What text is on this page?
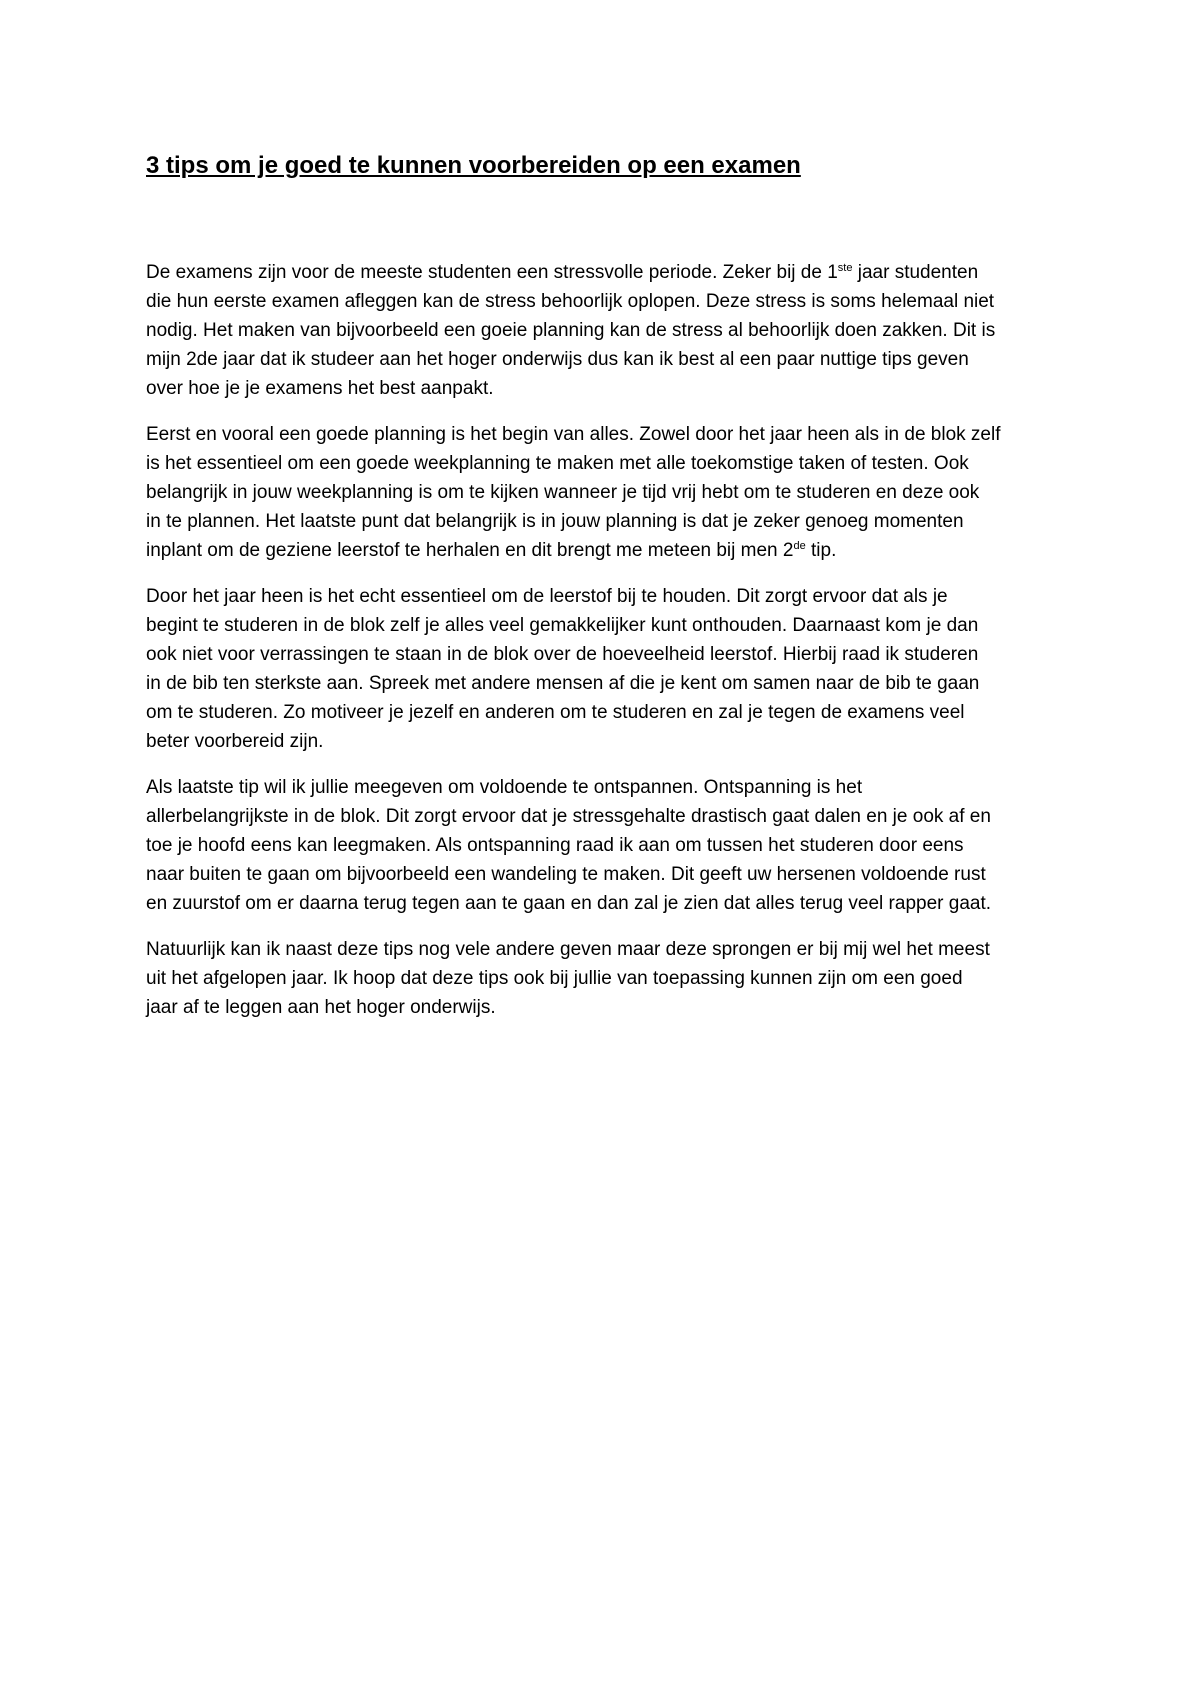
3 tips om je goed te kunnen voorbereiden op een examen

De examens zijn voor de meeste studenten een stressvolle periode. Zeker bij de 1ste jaar studenten
die hun eerste examen afleggen kan de stress behoorlijk oplopen. Deze stress is soms helemaal niet
nodig. Het maken van bijvoorbeeld een goeie planning kan de stress al behoorlijk doen zakken. Dit is
mijn 2de jaar dat ik studeer aan het hoger onderwijs dus kan ik best al een paar nuttige tips geven
over hoe je je examens het best aanpakt.

Eerst en vooral een goede planning is het begin van alles. Zowel door het jaar heen als in de blok zelf
is het essentieel om een goede weekplanning te maken met alle toekomstige taken of testen. Ook
belangrijk in jouw weekplanning is om te kijken wanneer je tijd vrij hebt om te studeren en deze ook
in te plannen. Het laatste punt dat belangrijk is in jouw planning is dat je zeker genoeg momenten
inplant om de geziene leerstof te herhalen en dit brengt me meteen bij men 2de tip.

Door het jaar heen is het echt essentieel om de leerstof bij te houden. Dit zorgt ervoor dat als je
begint te studeren in de blok zelf je alles veel gemakkelijker kunt onthouden. Daarnaast kom je dan
ook niet voor verrassingen te staan in de blok over de hoeveelheid leerstof. Hierbij raad ik studeren
in de bib ten sterkste aan. Spreek met andere mensen af die je kent om samen naar de bib te gaan
om te studeren. Zo motiveer je jezelf en anderen om te studeren en zal je tegen de examens veel
beter voorbereid zijn.

Als laatste tip wil ik jullie meegeven om voldoende te ontspannen. Ontspanning is het
allerbelangrijkste in de blok. Dit zorgt ervoor dat je stressgehalte drastisch gaat dalen en je ook af en
toe je hoofd eens kan leegmaken. Als ontspanning raad ik aan om tussen het studeren door eens
naar buiten te gaan om bijvoorbeeld een wandeling te maken. Dit geeft uw hersenen voldoende rust
en zuurstof om er daarna terug tegen aan te gaan en dan zal je zien dat alles terug veel rapper gaat.

Natuurlijk kan ik naast deze tips nog vele andere geven maar deze sprongen er bij mij wel het meest
uit het afgelopen jaar. Ik hoop dat deze tips ook bij jullie van toepassing kunnen zijn om een goed
jaar af te leggen aan het hoger onderwijs.
